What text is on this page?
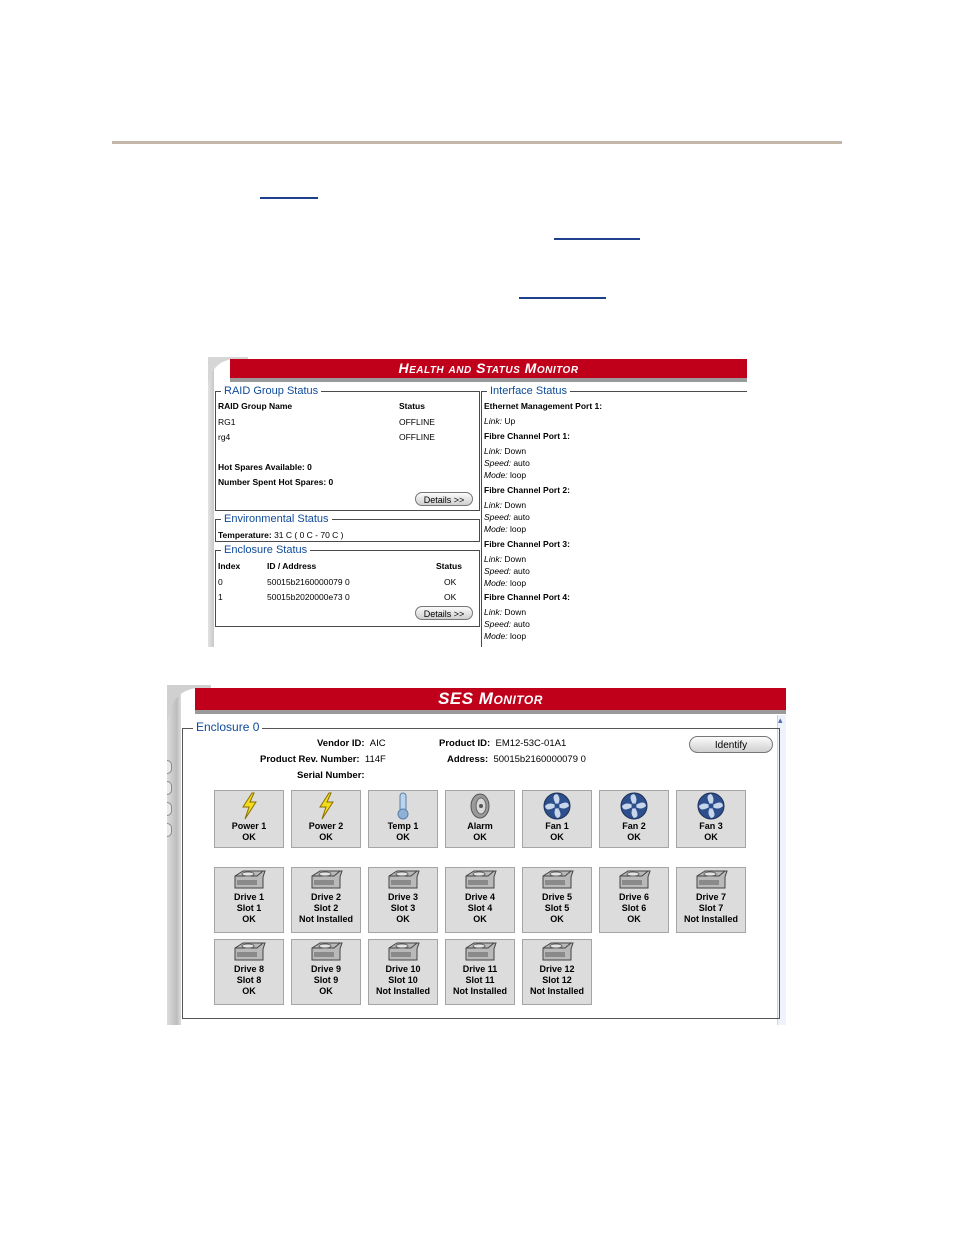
Health and Status Monitor
RAID Group Status
RAID Group Name	Status
RG1	OFFLINE
rg4	OFFLINE
Hot Spares Available: 0
Number Spent Hot Spares: 0
Details >>
Environmental Status
Temperature: 31 C ( 0 C - 70 C )
Enclosure Status
Index	ID / Address	Status
0	50015b2160000079 0	OK
1	50015b2020000e73 0	OK
Details >>
Interface Status
Ethernet Management Port 1:
Link: Up
Fibre Channel Port 1:
Link: Down
Speed: auto
Mode: loop
Fibre Channel Port 2:
Link: Down
Speed: auto
Mode: loop
Fibre Channel Port 3:
Link: Down
Speed: auto
Mode: loop
Fibre Channel Port 4:
Link: Down
Speed: auto
Mode: loop
SES Monitor
▴
Enclosure 0
Vendor ID: AIC	Product ID: EM12-53C-01A1
Product Rev. Number: 114F	Address: 50015b2160000079 0
Serial Number:
Identify
Power 1
OK
Power 2
OK
Temp 1
OK
Alarm
OK
Fan 1
OK
Fan 2
OK
Fan 3
OK
Drive 1
Slot 1
OK
Drive 2
Slot 2
Not Installed
Drive 3
Slot 3
OK
Drive 4
Slot 4
OK
Drive 5
Slot 5
OK
Drive 6
Slot 6
OK
Drive 7
Slot 7
Not Installed
Drive 8
Slot 8
OK
Drive 9
Slot 9
OK
Drive 10
Slot 10
Not Installed
Drive 11
Slot 11
Not Installed
Drive 12
Slot 12
Not Installed
